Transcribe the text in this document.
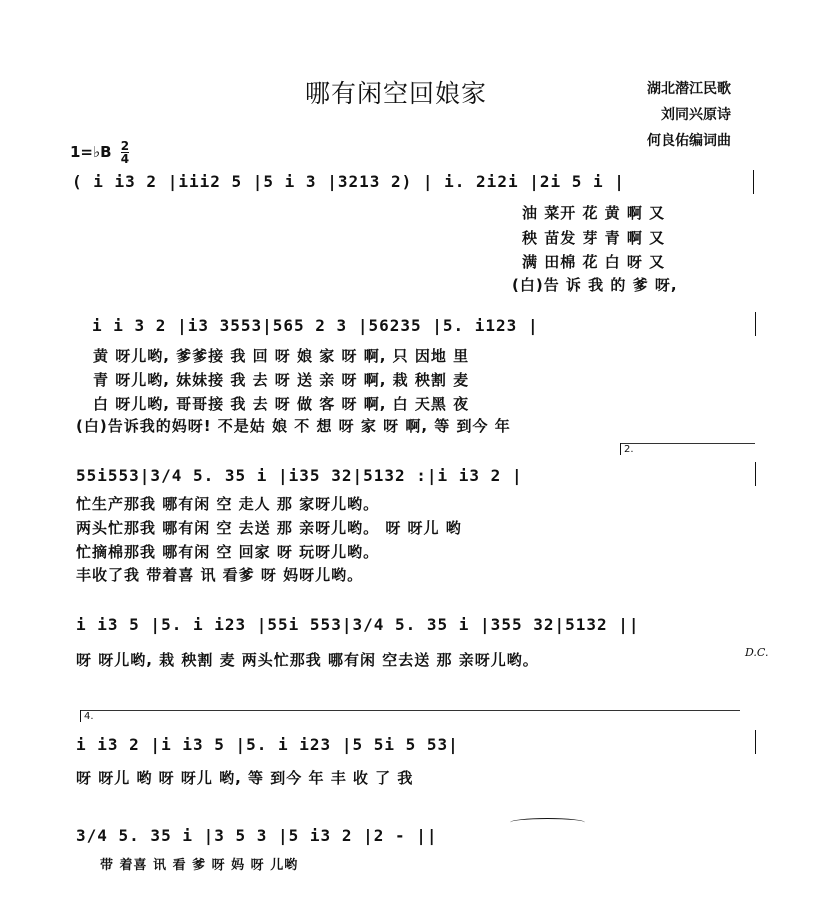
哪有闲空回娘家	湖北潜江民歌
刘同兴原诗
何良佑编词曲
1=♭B $\frac{2}{4}$
( i i3 2 |iii2 5 |5 i 3 |3213 2) | i. 2i2i |2i 5 i |
油 菜开 花 黄 啊 又
秧 苗发 芽 青 啊 又
满 田棉 花 白 呀 又
(白)告 诉 我 的 爹 呀,
i i 3 2 |i3 3553|565 2 3 |56235 |5. i123 |
黄 呀儿哟, 爹爹接 我 回 呀 娘 家 呀 啊, 只 因地 里
青 呀儿哟, 妹妹接 我 去 呀 送 亲 呀 啊, 栽 秧割 麦
白 呀儿哟, 哥哥接 我 去 呀 做 客 呀 啊, 白 天黑 夜
(白)告诉我的妈呀! 不是姑 娘 不 想 呀 家 呀 啊, 等 到今 年
2.
55i553|3/4 5. 35 i |i35 32|5132 :|i i3 2 |
忙生产那我 哪有闲 空 走人 那 家呀儿哟。
两头忙那我 哪有闲 空 去送 那 亲呀儿哟。 呀 呀儿 哟
忙摘棉那我 哪有闲 空 回家 呀 玩呀儿哟。
丰收了我 带着喜 讯 看爹 呀 妈呀儿哟。
i i3 5 |5. i i23 |55i 553|3/4 5. 35 i |355 32|5132 ||
呀 呀儿哟, 栽 秧割 麦 两头忙那我 哪有闲 空去送 那 亲呀儿哟。	D.C.
4.
i i3 2 |i i3 5 |5. i i23 |5 5i 5 53|
呀 呀儿 哟 呀 呀儿 哟, 等 到今 年 丰 收 了 我
3/4 5. 35 i |3 5 3 |5 i3 2 |2 - ||
带 着喜 讯 看 爹 呀 妈 呀 儿哟
